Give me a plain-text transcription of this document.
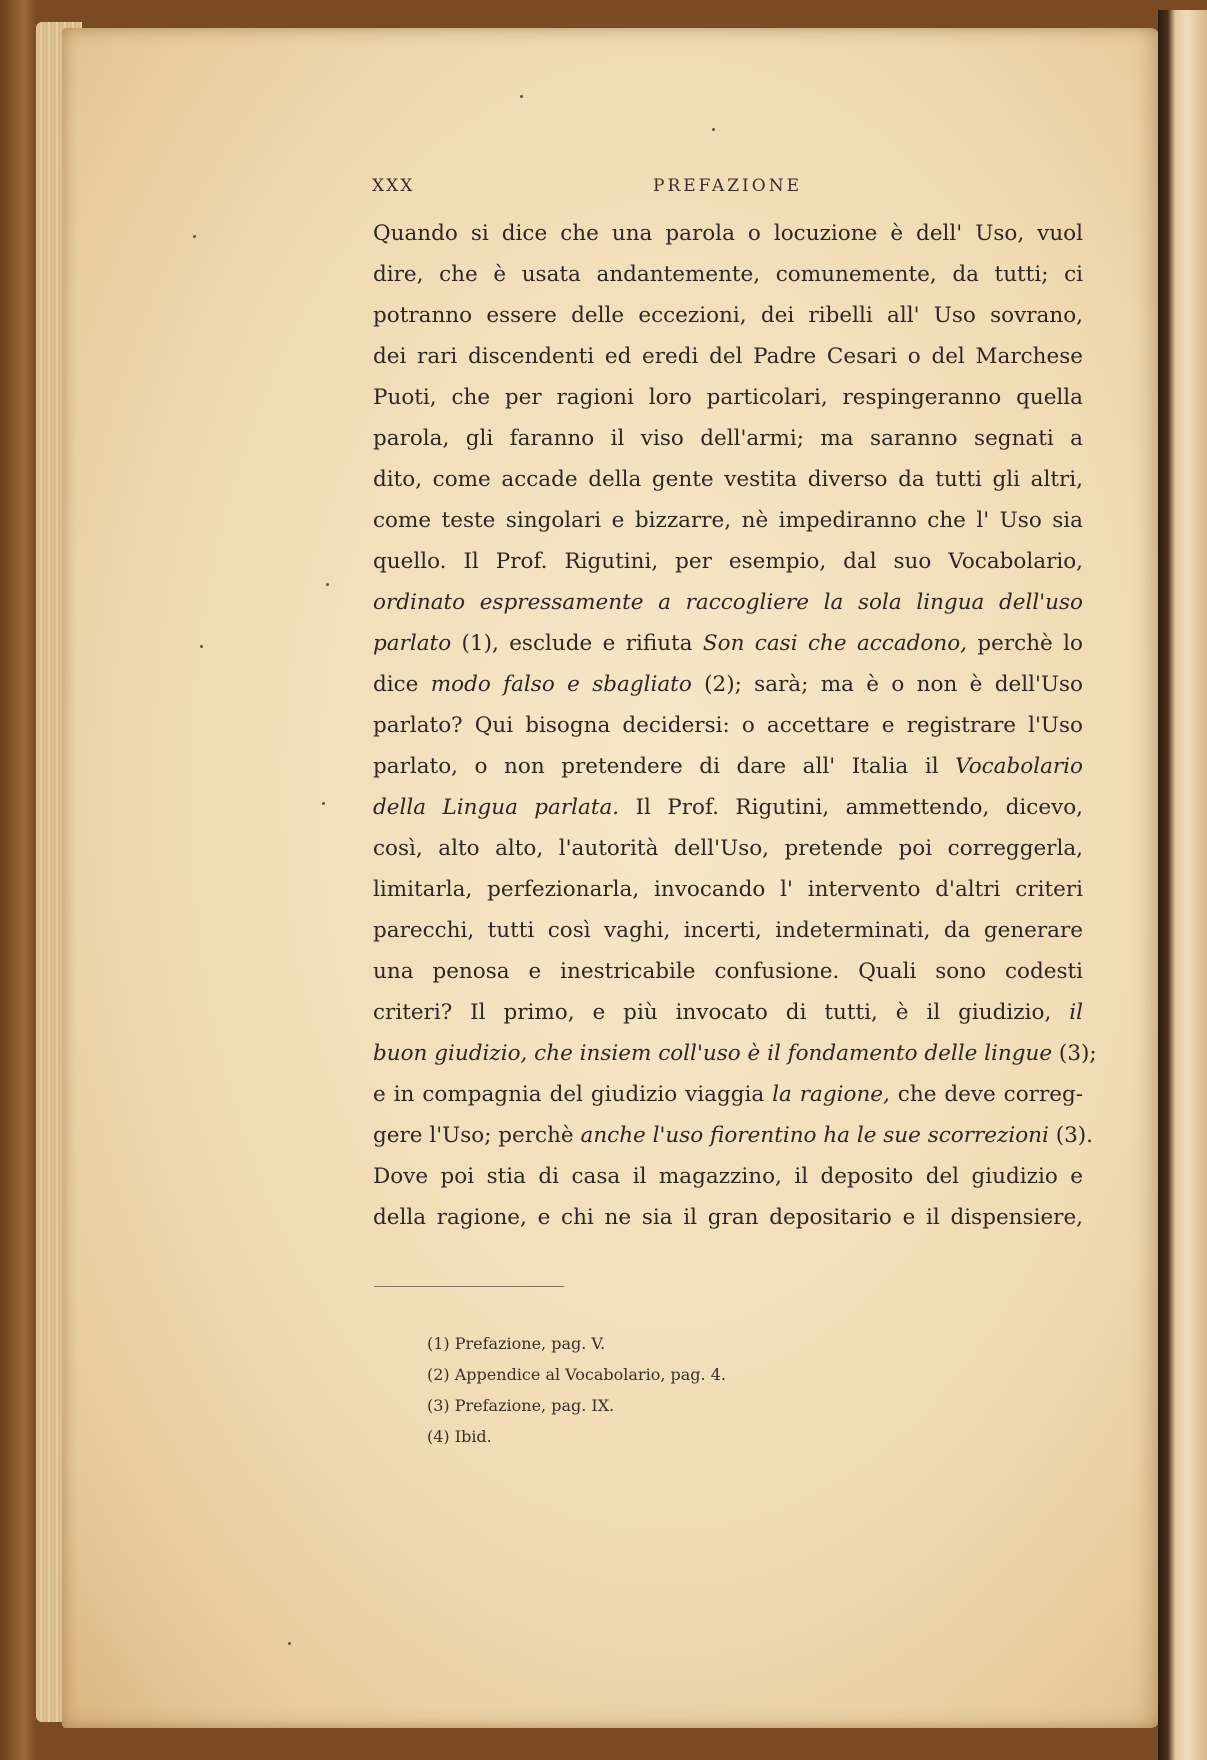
XXX	PREFAZIONE
Quando si dice che una parola o locuzione è dell' Uso, vuol
dire, che è usata andantemente, comunemente, da tutti; ci
potranno essere delle eccezioni, dei ribelli all' Uso sovrano,
dei rari discendenti ed eredi del Padre Cesari o del Marchese
Puoti, che per ragioni loro particolari, respingeranno quella
parola, gli faranno il viso dell'armi; ma saranno segnati a
dito, come accade della gente vestita diverso da tutti gli altri,
come teste singolari e bizzarre, nè impediranno che l' Uso sia
quello. Il Prof. Rigutini, per esempio, dal suo Vocabolario,
ordinato espressamente a raccogliere la sola lingua dell'uso
parlato (1), esclude e rifiuta Son casi che accadono, perchè lo
dice modo falso e sbagliato (2); sarà; ma è o non è dell'Uso
parlato? Qui bisogna decidersi: o accettare e registrare l'Uso
parlato, o non pretendere di dare all' Italia il Vocabolario
della Lingua parlata. Il Prof. Rigutini, ammettendo, dicevo,
così, alto alto, l'autorità dell'Uso, pretende poi correggerla,
limitarla, perfezionarla, invocando l' intervento d'altri criteri
parecchi, tutti così vaghi, incerti, indeterminati, da generare
una penosa e inestricabile confusione. Quali sono codesti
criteri? Il primo, e più invocato di tutti, è il giudizio, il
buon giudizio, che insiem coll'uso è il fondamento delle lingue (3);
e in compagnia del giudizio viaggia la ragione, che deve correg-
gere l'Uso; perchè anche l'uso fiorentino ha le sue scorrezioni (3).
Dove poi stia di casa il magazzino, il deposito del giudizio e
della ragione, e chi ne sia il gran depositario e il dispensiere,
(1) Prefazione, pag. V.
(2) Appendice al Vocabolario, pag. 4.
(3) Prefazione, pag. IX.
(4) Ibid.
